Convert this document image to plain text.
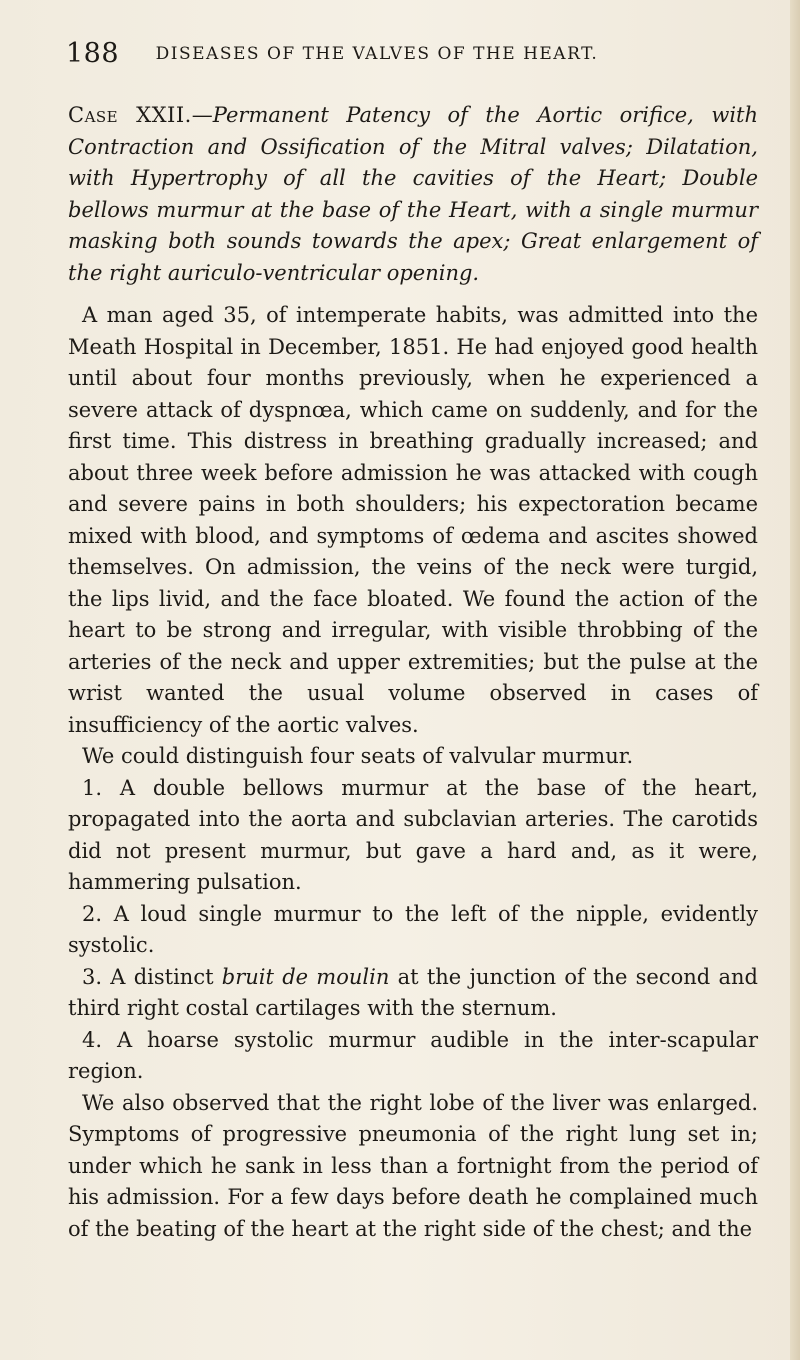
188	DISEASES OF THE VALVES OF THE HEART.

Case XXII.—Permanent Patency of the Aortic orifice, with Contraction and Ossification of the Mitral valves; Dilatation, with Hypertrophy of all the cavities of the Heart; Double bellows murmur at the base of the Heart, with a single murmur masking both sounds towards the apex; Great enlargement of the right auriculo-ventricular opening.

A man aged 35, of intemperate habits, was admitted into the Meath Hospital in December, 1851. He had enjoyed good health until about four months previously, when he experienced a severe attack of dyspnœa, which came on suddenly, and for the first time. This distress in breathing gradually increased; and about three week before admission he was attacked with cough and severe pains in both shoulders; his expectoration became mixed with blood, and symptoms of œdema and ascites showed themselves. On admission, the veins of the neck were turgid, the lips livid, and the face bloated. We found the action of the heart to be strong and irregular, with visible throbbing of the arteries of the neck and upper extremities; but the pulse at the wrist wanted the usual volume observed in cases of insufficiency of the aortic valves.

We could distinguish four seats of valvular murmur.

1. A double bellows murmur at the base of the heart, propagated into the aorta and subclavian arteries. The carotids did not present murmur, but gave a hard and, as it were, hammering pulsation.

2. A loud single murmur to the left of the nipple, evidently systolic.

3. A distinct bruit de moulin at the junction of the second and third right costal cartilages with the sternum.

4. A hoarse systolic murmur audible in the inter-scapular region.

We also observed that the right lobe of the liver was enlarged. Symptoms of progressive pneumonia of the right lung set in; under which he sank in less than a fortnight from the period of his admission. For a few days before death he complained much of the beating of the heart at the right side of the chest; and the
